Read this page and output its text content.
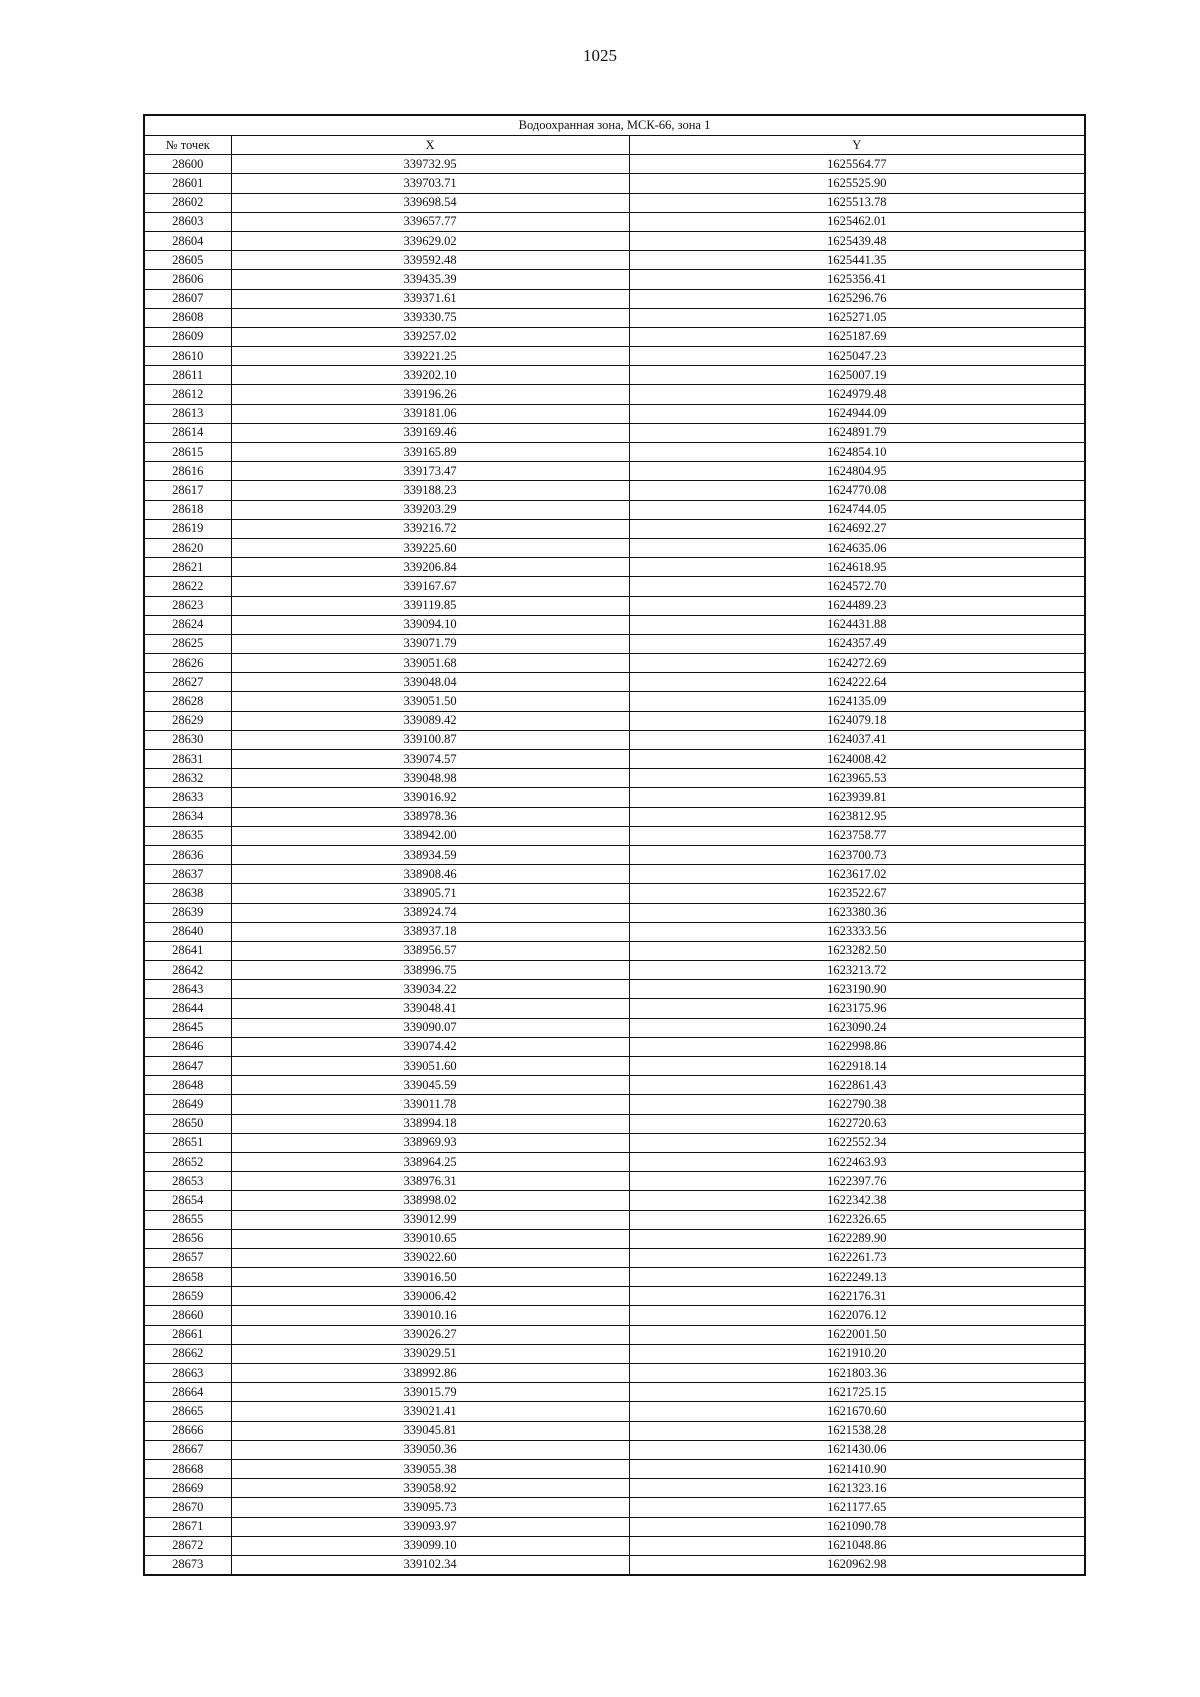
1025
Водоохранная зона, МСК-66, зона 1		
№ точек	X	Y
28600	339732.95	1625564.77
28601	339703.71	1625525.90
28602	339698.54	1625513.78
28603	339657.77	1625462.01
28604	339629.02	1625439.48
28605	339592.48	1625441.35
28606	339435.39	1625356.41
28607	339371.61	1625296.76
28608	339330.75	1625271.05
28609	339257.02	1625187.69
28610	339221.25	1625047.23
28611	339202.10	1625007.19
28612	339196.26	1624979.48
28613	339181.06	1624944.09
28614	339169.46	1624891.79
28615	339165.89	1624854.10
28616	339173.47	1624804.95
28617	339188.23	1624770.08
28618	339203.29	1624744.05
28619	339216.72	1624692.27
28620	339225.60	1624635.06
28621	339206.84	1624618.95
28622	339167.67	1624572.70
28623	339119.85	1624489.23
28624	339094.10	1624431.88
28625	339071.79	1624357.49
28626	339051.68	1624272.69
28627	339048.04	1624222.64
28628	339051.50	1624135.09
28629	339089.42	1624079.18
28630	339100.87	1624037.41
28631	339074.57	1624008.42
28632	339048.98	1623965.53
28633	339016.92	1623939.81
28634	338978.36	1623812.95
28635	338942.00	1623758.77
28636	338934.59	1623700.73
28637	338908.46	1623617.02
28638	338905.71	1623522.67
28639	338924.74	1623380.36
28640	338937.18	1623333.56
28641	338956.57	1623282.50
28642	338996.75	1623213.72
28643	339034.22	1623190.90
28644	339048.41	1623175.96
28645	339090.07	1623090.24
28646	339074.42	1622998.86
28647	339051.60	1622918.14
28648	339045.59	1622861.43
28649	339011.78	1622790.38
28650	338994.18	1622720.63
28651	338969.93	1622552.34
28652	338964.25	1622463.93
28653	338976.31	1622397.76
28654	338998.02	1622342.38
28655	339012.99	1622326.65
28656	339010.65	1622289.90
28657	339022.60	1622261.73
28658	339016.50	1622249.13
28659	339006.42	1622176.31
28660	339010.16	1622076.12
28661	339026.27	1622001.50
28662	339029.51	1621910.20
28663	338992.86	1621803.36
28664	339015.79	1621725.15
28665	339021.41	1621670.60
28666	339045.81	1621538.28
28667	339050.36	1621430.06
28668	339055.38	1621410.90
28669	339058.92	1621323.16
28670	339095.73	1621177.65
28671	339093.97	1621090.78
28672	339099.10	1621048.86
28673	339102.34	1620962.98
